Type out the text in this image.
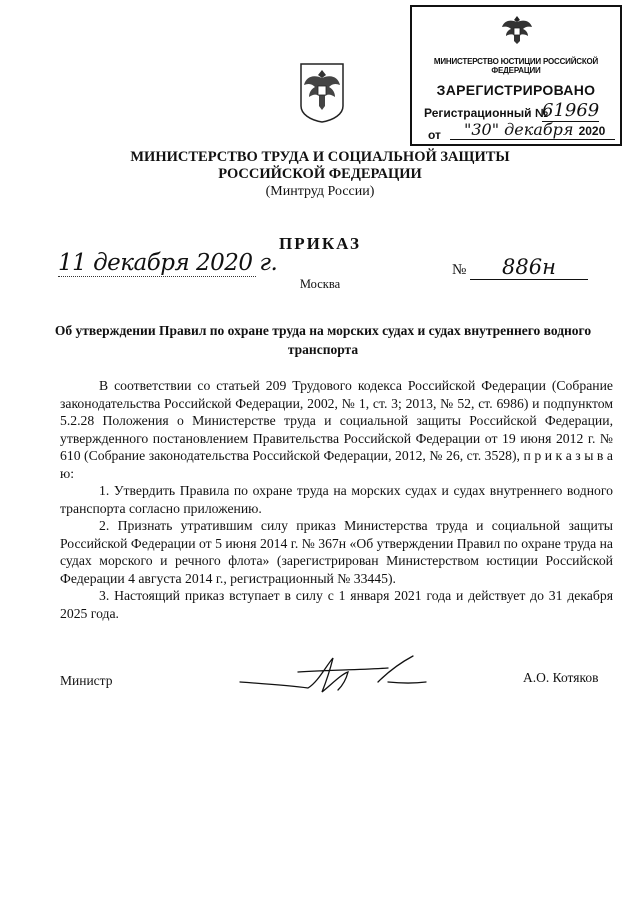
МИНИСТЕРСТВО ЮСТИЦИИ РОССИЙСКОЙ ФЕДЕРАЦИИ
ЗАРЕГИСТРИРОВАНО
Регистрационный №
61969
от	"30" декабря 2020
МИНИСТЕРСТВО ТРУДА И СОЦИАЛЬНОЙ ЗАЩИТЫ
РОССИЙСКОЙ ФЕДЕРАЦИИ
(Минтруд России)
ПРИКАЗ
11 декабря 2020 г.	№	886н
Москва
Об утверждении Правил по охране труда на морских судах и судах внутреннего водного транспорта

В соответствии со статьей 209 Трудового кодекса Российской Федерации (Собрание законодательства Российской Федерации, 2002, № 1, ст. 3; 2013, № 52, ст. 6986) и подпунктом 5.2.28 Положения о Министерстве труда и социальной защиты Российской Федерации, утвержденного постановлением Правительства Российской Федерации от 19 июня 2012 г. № 610 (Собрание законодательства Российской Федерации, 2012, № 26, ст. 3528), п р и к а з ы в а ю:

1. Утвердить Правила по охране труда на морских судах и судах внутреннего водного транспорта согласно приложению.

2. Признать утратившим силу приказ Министерства труда и социальной защиты Российской Федерации от 5 июня 2014 г. № 367н «Об утверждении Правил по охране труда на судах морского и речного флота» (зарегистрирован Министерством юстиции Российской Федерации 4 августа 2014 г., регистрационный № 33445).

3. Настоящий приказ вступает в силу с 1 января 2021 года и действует до 31 декабря 2025 года.

Министр	А.О. Котяков
